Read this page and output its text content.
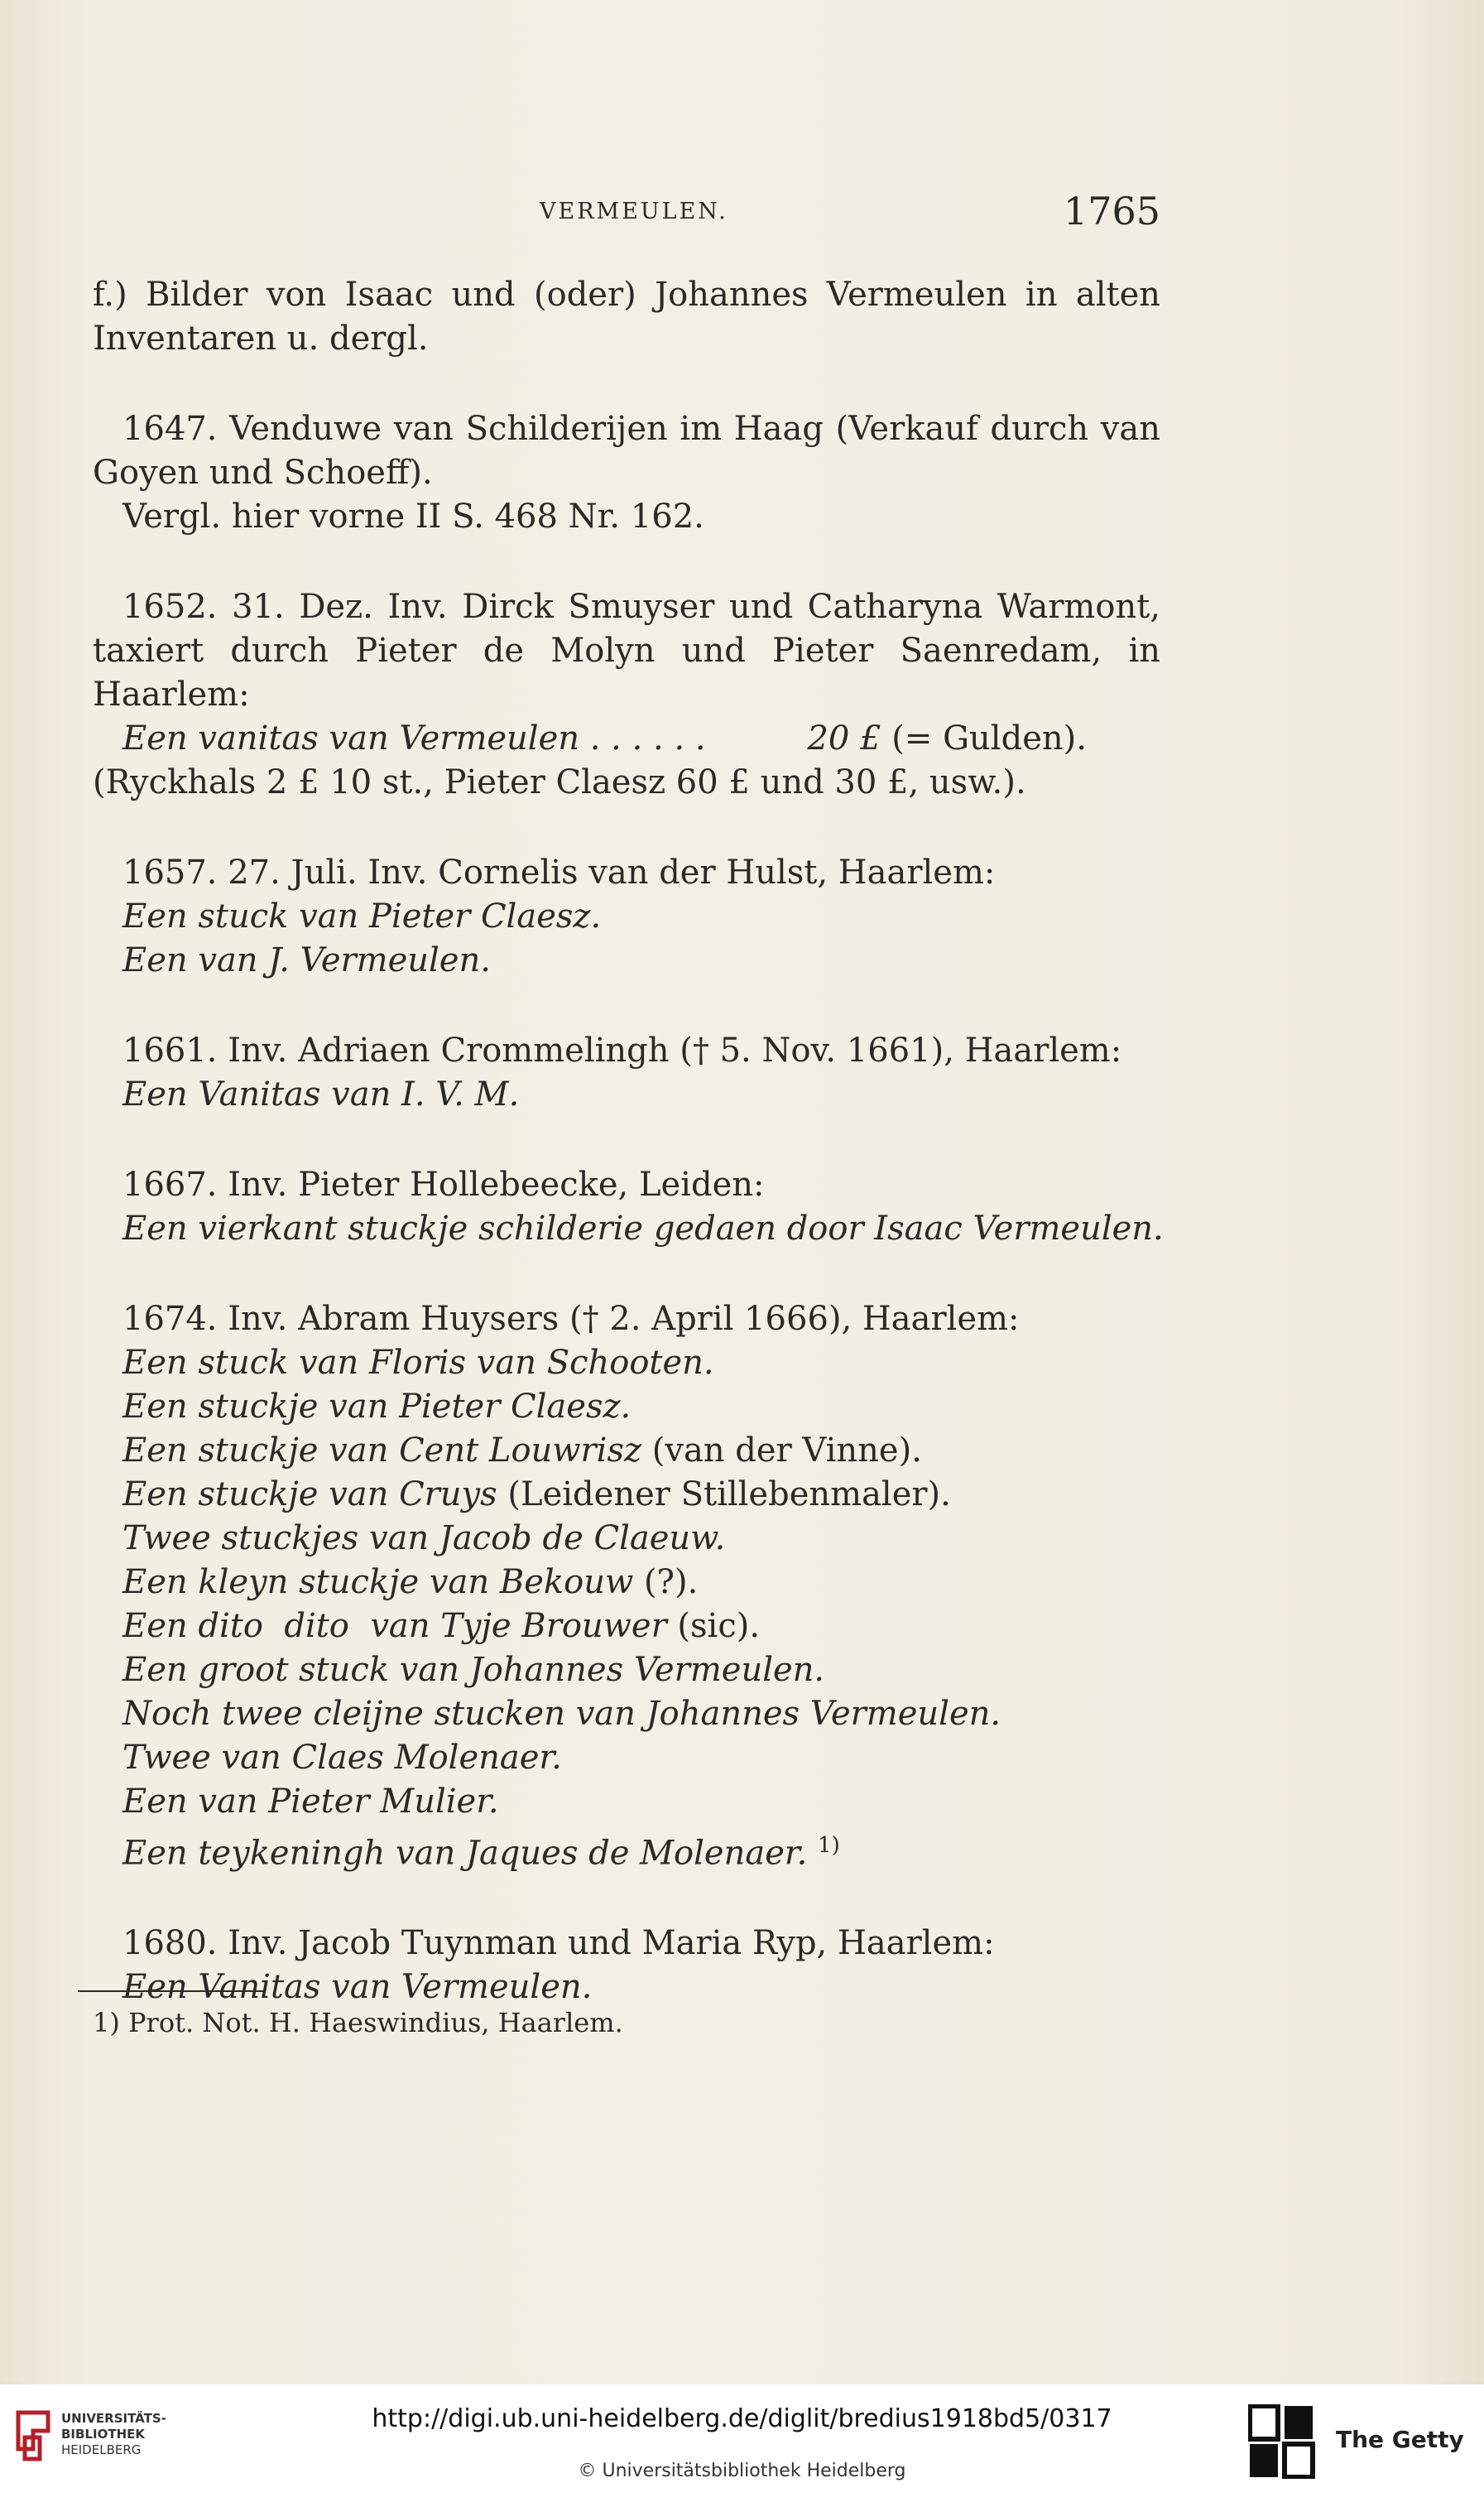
VERMEULEN.	1765
f.) Bilder von Isaac und (oder) Johannes Vermeulen in alten
Inventaren u. dergl.
1647. Venduwe van Schilderijen im Haag (Verkauf durch van
Goyen und Schoeff).
Vergl. hier vorne II S. 468 Nr. 162.
1652. 31. Dez. Inv. Dirck Smuyser und Catharyna Warmont,
taxiert durch Pieter de Molyn und Pieter Saenredam, in
Haarlem:
Een vanitas van Vermeulen . . . . . .	20 £ (= Gulden).
(Ryckhals 2 £ 10 st., Pieter Claesz 60 £ und 30 £, usw.).
1657. 27. Juli. Inv. Cornelis van der Hulst, Haarlem:
Een stuck van Pieter Claesz.
Een van J. Vermeulen.
1661. Inv. Adriaen Crommelingh († 5. Nov. 1661), Haarlem:
Een Vanitas van I. V. M.
1667. Inv. Pieter Hollebeecke, Leiden:
Een vierkant stuckje schilderie gedaen door Isaac Vermeulen.
1674. Inv. Abram Huysers († 2. April 1666), Haarlem:
Een stuck van Floris van Schooten.
Een stuckje van Pieter Claesz.
Een stuckje van Cent Louwrisz (van der Vinne).
Een stuckje van Cruys (Leidener Stillebenmaler).
Twee stuckjes van Jacob de Claeuw.
Een kleyn stuckje van Bekouw (?).
Een dito  dito  van Tyje Brouwer (sic).
Een groot stuck van Johannes Vermeulen.
Noch twee cleijne stucken van Johannes Vermeulen.
Twee van Claes Molenaer.
Een van Pieter Mulier.
Een teykeningh van Jaques de Molenaer. $^{1)}$
1680. Inv. Jacob Tuynman und Maria Ryp, Haarlem:
Een Vanitas van Vermeulen.
1) Prot. Not. H. Haeswindius, Haarlem.
UNIVERSITÄTS-
BIBLIOTHEK
HEIDELBERG
http://digi.ub.uni-heidelberg.de/diglit/bredius1918bd5/0317
© Universitätsbibliothek Heidelberg
The Getty
